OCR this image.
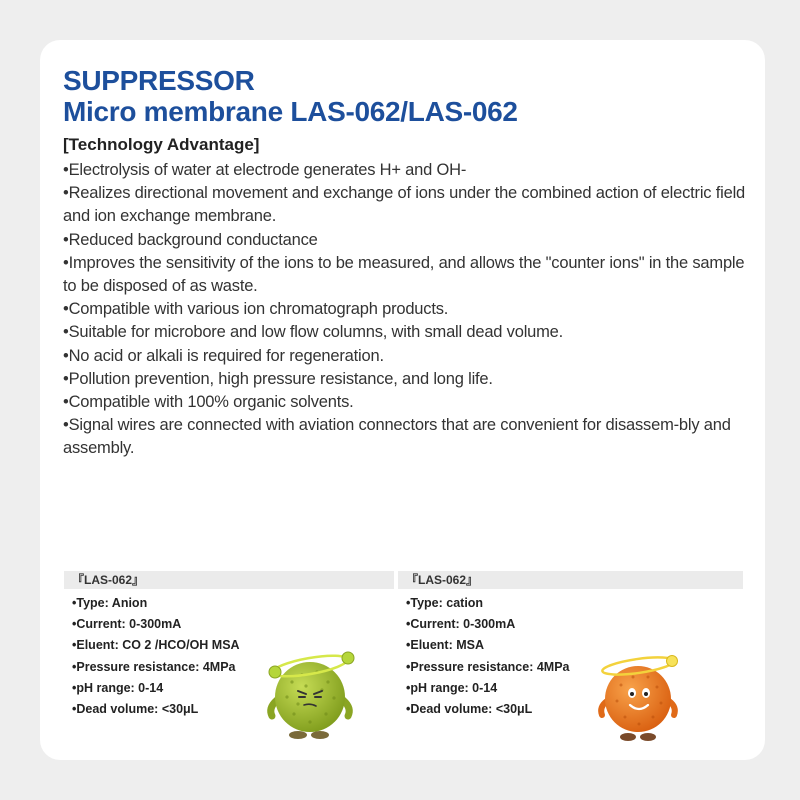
SUPPRESSOR
Micro membrane LAS-062/LAS-062
[Technology Advantage]
•Electrolysis of water at electrode generates H+ and OH-
•Realizes directional movement and exchange of ions under the combined action of electric field and ion exchange membrane.
•Reduced background conductance
•Improves the sensitivity of the ions to be measured, and allows the "counter ions" in the sample to be disposed of as waste.
•Compatible with various ion chromatograph products.
•Suitable for microbore and low flow columns, with small dead volume.
•No acid or alkali is required for regeneration.
•Pollution prevention, high pressure resistance, and long life.
•Compatible with 100% organic solvents.
•Signal wires are connected with aviation connectors that are convenient for disassem-bly and assembly.
『LAS-062』
•Type: Anion
•Current: 0-300mA
•Eluent: CO 2 /HCO/OH MSA
•Pressure resistance: 4MPa
•pH range: 0-14
•Dead volume: <30μL
『LAS-062』
•Type: cation
•Current: 0-300mA
•Eluent: MSA
•Pressure resistance: 4MPa
•pH range: 0-14
•Dead volume: <30μL
